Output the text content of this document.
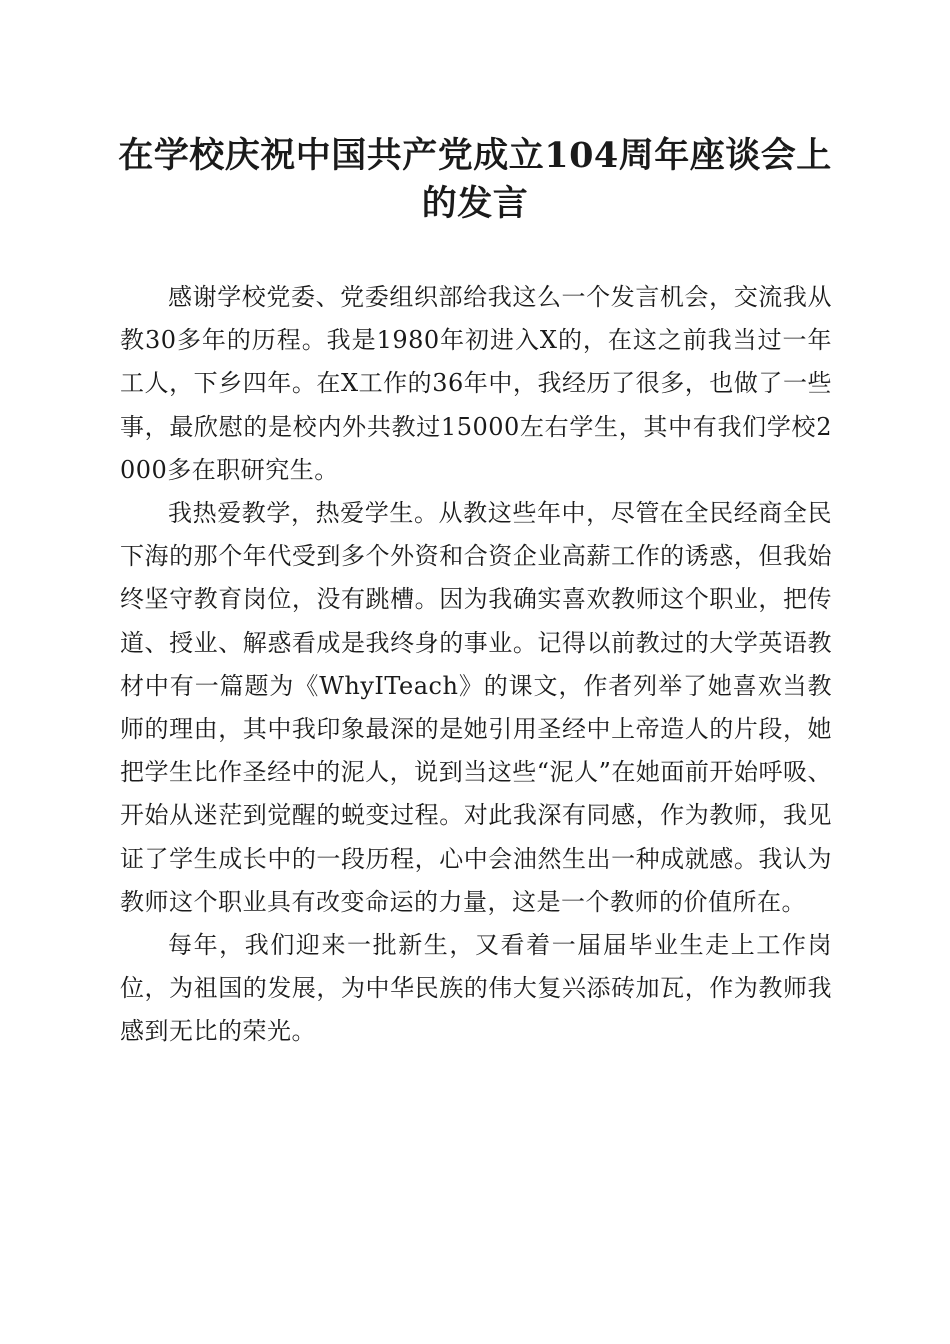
在学校庆祝中国共产党成立104周年座谈会上的发言

感谢学校党委、党委组织部给我这么一个发言机会，交流我从教30多年的历程。我是1980年初进入X的，在这之前我当过一年工人，下乡四年。在X工作的36年中，我经历了很多，也做了一些事，最欣慰的是校内外共教过15000左右学生，其中有我们学校2000多在职研究生。

我热爱教学，热爱学生。从教这些年中，尽管在全民经商全民下海的那个年代受到多个外资和合资企业高薪工作的诱惑，但我始终坚守教育岗位，没有跳槽。因为我确实喜欢教师这个职业，把传道、授业、解惑看成是我终身的事业。记得以前教过的大学英语教材中有一篇题为《WhyITeach》的课文，作者列举了她喜欢当教师的理由，其中我印象最深的是她引用圣经中上帝造人的片段，她把学生比作圣经中的泥人，说到当这些“泥人”在她面前开始呼吸、开始从迷茫到觉醒的蜕变过程。对此我深有同感，作为教师，我见证了学生成长中的一段历程，心中会油然生出一种成就感。我认为教师这个职业具有改变命运的力量，这是一个教师的价值所在。

每年，我们迎来一批新生，又看着一届届毕业生走上工作岗位，为祖国的发展，为中华民族的伟大复兴添砖加瓦，作为教师我感到无比的荣光。
